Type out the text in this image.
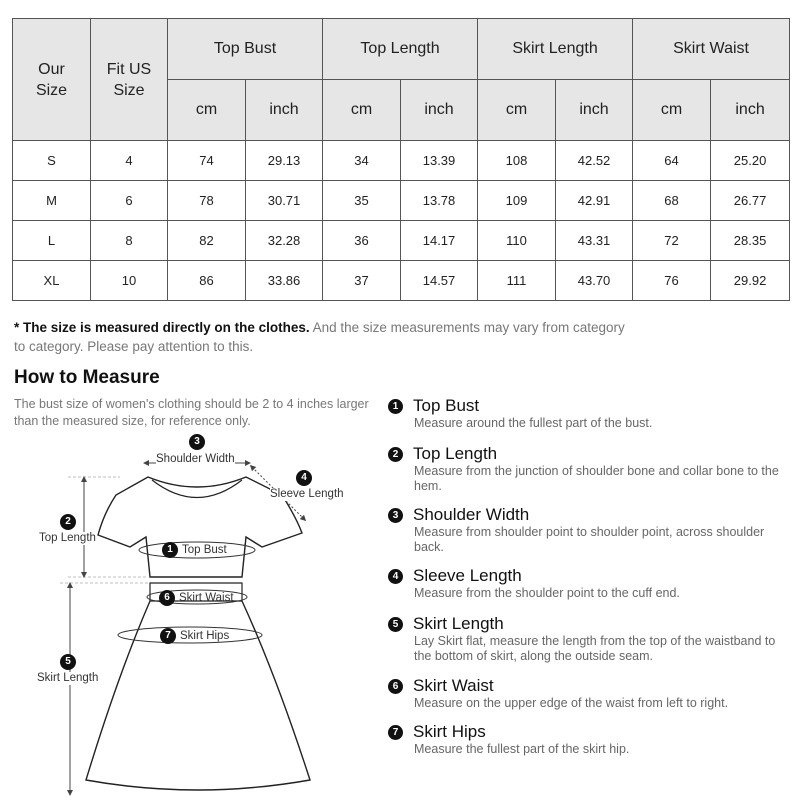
Our Size	Fit US Size	Top Bust		Top Length		Skirt Length		Skirt Waist	
		cm	inch	cm	inch	cm	inch	cm	inch
S	4	74	29.13	34	13.39	108	42.52	64	25.20
M	6	78	30.71	35	13.78	109	42.91	68	26.77
L	8	82	32.28	36	14.17	110	43.31	72	28.35
XL	10	86	33.86	37	14.57	111	43.70	76	29.92

* The size is measured directly on the clothes. And the size measurements may vary from category to category. Please pay attention to this.

How to Measure

The bust size of women's clothing should be 2 to 4 inches larger than the measured size, for reference only.

3
Shoulder Width
4
Sleeve Length
2
Top Length
1 Top Bust
6 Skirt Waist
7 Skirt Hips
5
Skirt Length
1 Top Bust
Measure around the fullest part of the bust.
2 Top Length
Measure from the junction of shoulder bone and collar bone to the hem.
3 Shoulder Width
Measure from shoulder point to shoulder point, across shoulder back.
4 Sleeve Length
Measure from the shoulder point to the cuff end.
5 Skirt Length
Lay Skirt flat, measure the length from the top of the waistband to the bottom of skirt, along the outside seam.
6 Skirt Waist
Measure on the upper edge of the waist from left to right.
7 Skirt Hips
Measure the fullest part of the skirt hip.
